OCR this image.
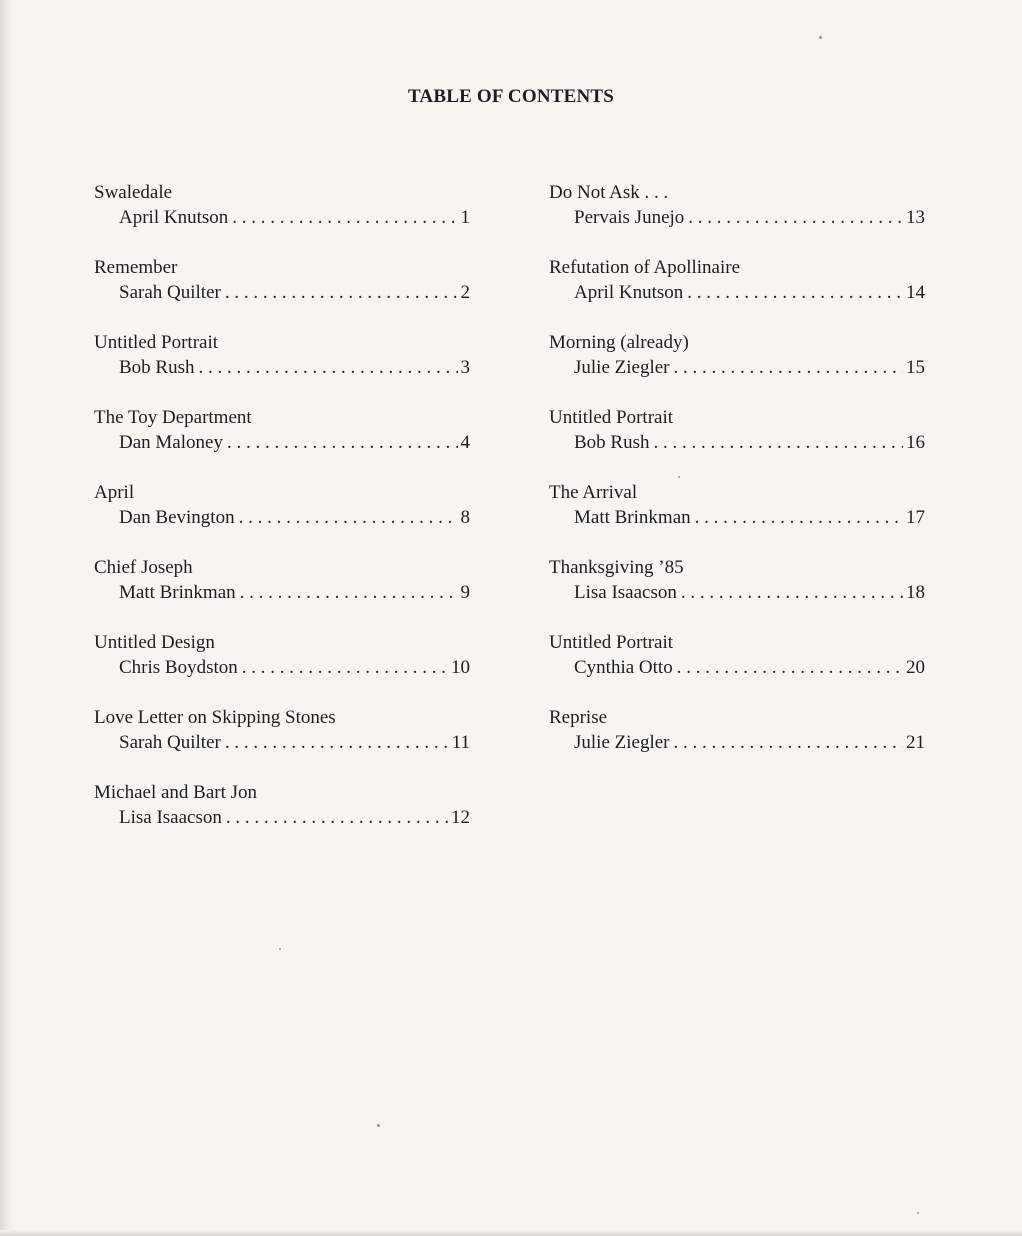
TABLE OF CONTENTS
Swaledale
April Knutson . . .	1
Remember
Sarah Quilter . . .	2
Untitled Portrait
Bob Rush . . .	3
The Toy Department
Dan Maloney . . .	4
April
Dan Bevington . . .	8
Chief Joseph
Matt Brinkman . . .	9
Untitled Design
Chris Boydston . . .	10
Love Letter on Skipping Stones
Sarah Quilter . . .	11
Michael and Bart Jon
Lisa Isaacson . . .	12
Do Not Ask . . .
Pervais Junejo . . .	13
Refutation of Apollinaire
April Knutson . . .	14
Morning (already)
Julie Ziegler . . .	15
Untitled Portrait
Bob Rush . . .	16
The Arrival
Matt Brinkman . . .	17
Thanksgiving ’85
Lisa Isaacson . . .	18
Untitled Portrait
Cynthia Otto . . .	20
Reprise
Julie Ziegler . . .	21
